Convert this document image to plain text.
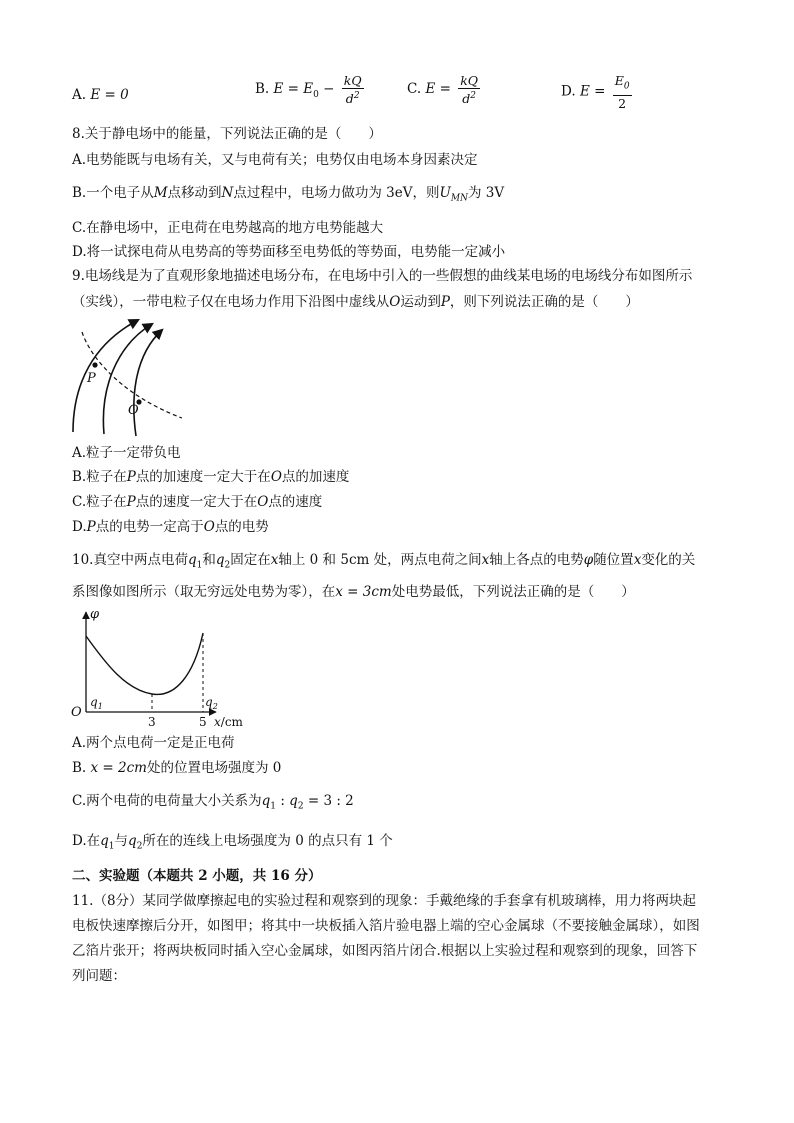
A. E = 0	B. $E = E_0 - \frac{kQ}{d^2}$	C. $E = \frac{kQ}{d^2}$	D. $E = \frac{E_0}{2}$
8.关于静电场中的能量，下列说法正确的是（　　）
A.电势能既与电场有关，又与电荷有关；电势仅由电场本身因素决定
B.一个电子从M点移动到N点过程中，电场力做功为 3eV，则$U_{MN}$为 3V
C.在静电场中，正电荷在电势越高的地方电势能越大
D.将一试探电荷从电势高的等势面移至电势低的等势面，电势能一定减小
9.电场线是为了直观形象地描述电场分布，在电场中引入的一些假想的曲线某电场的电场线分布如图所示
（实线），一带电粒子仅在电场力作用下沿图中虚线从O运动到P，则下列说法正确的是（　　）
P
O
A.粒子一定带负电
B.粒子在P点的加速度一定大于在O点的加速度
C.粒子在P点的速度一定大于在O点的速度
D.P点的电势一定高于O点的电势
10.真空中两点电荷$q_1$和$q_2$固定在x轴上 0 和 5cm 处，两点电荷之间x轴上各点的电势φ随位置x变化的关
系图像如图所示（取无穷远处电势为零），在x = 3cm处电势最低，下列说法正确的是（　　）
φ
O
$q_1$	$q_2$
3	5 x/cm
A.两个点电荷一定是正电荷
B. x = 2cm处的位置电场强度为 0
C.两个电荷的电荷量大小关系为$q_1$ : $q_2 = 3$ : 2
D.在$q_1$与$q_2$所在的连线上电场强度为 0 的点只有 1 个
二、实验题（本题共 2 小题，共 16 分）
11.（8分）某同学做摩擦起电的实验过程和观察到的现象：手戴绝缘的手套拿有机玻璃棒，用力将两块起
电板快速摩擦后分开，如图甲；将其中一块板插入箔片验电器上端的空心金属球（不要接触金属球），如图
乙箔片张开；将两块板同时插入空心金属球，如图丙箔片闭合.根据以上实验过程和观察到的现象，回答下
列问题：
